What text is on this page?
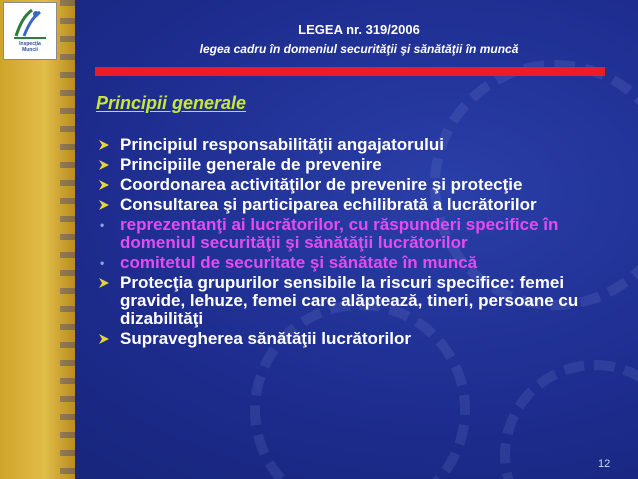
Inspecţia
Muncii
LEGEA nr. 319/2006
legea cadru în domeniul securităţii şi sănătăţii în muncă
Principii generale
Principiul responsabilităţii angajatorului
Principiile generale de prevenire
Coordonarea activităţilor de prevenire şi protecţie
Consultarea şi participarea echilibrată a lucrătorilor
• reprezentanţi ai lucrătorilor, cu răspunderi specifice în domeniul securităţii şi sănătăţii lucrătorilor
• comitetul de securitate şi sănătate în muncă
Protecţia grupurilor sensibile la riscuri specifice: femei gravide, lehuze, femei care alăptează, tineri, persoane cu dizabilităţi
Supravegherea sănătăţii lucrătorilor
12
